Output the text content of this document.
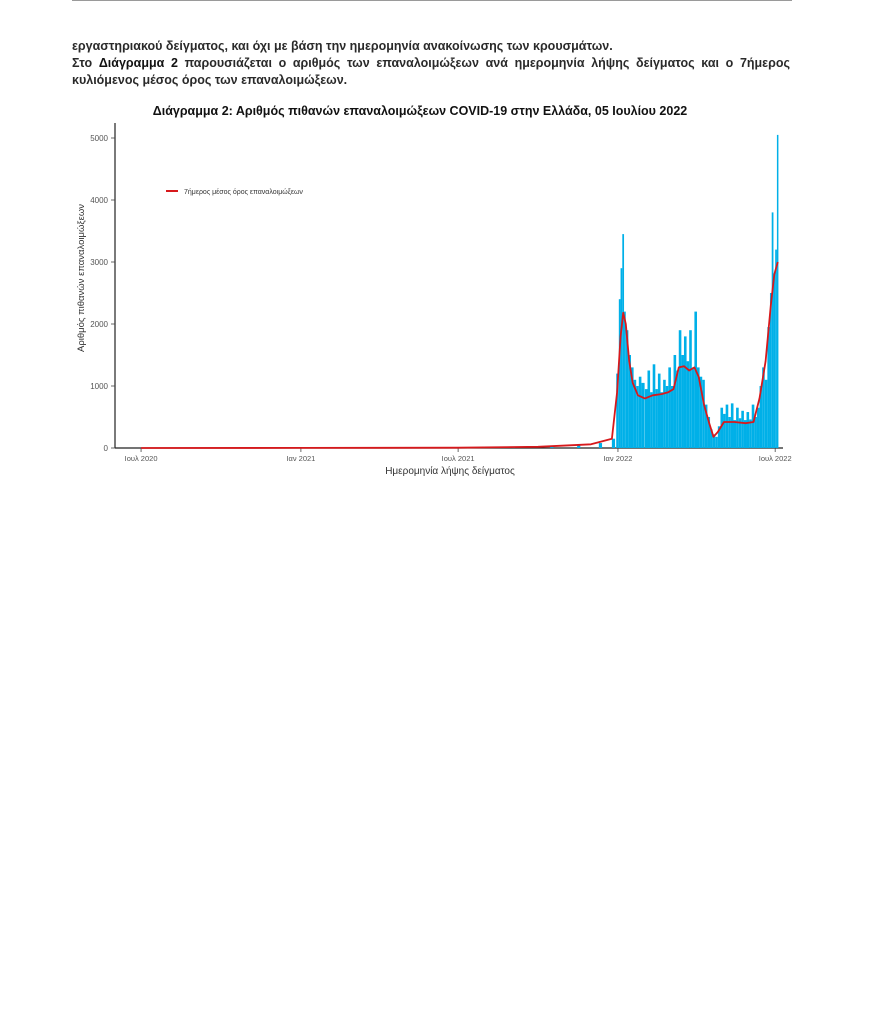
εργαστηριακού δείγματος, και όχι με βάση την ημερομηνία ανακοίνωσης των κρουσμάτων.

Στο Διάγραμμα 2 παρουσιάζεται ο αριθμός των επαναλοιμώξεων ανά ημερομηνία λήψης δείγματος και ο 7ήμερος κυλιόμενος μέσος όρος των επαναλοιμώξεων.

Διάγραμμα 2: Αριθμός πιθανών επαναλοιμώξεων COVID-19 στην Ελλάδα, 05 Ιουλίου 2022
0
1000
2000
3000
4000
5000
Ιουλ 2020	Ιαν 2021	Ιουλ 2021	Ιαν 2022	Ιουλ 2022
7ήμερος μέσος όρος επαναλοιμώξεων
Ημερομηνία λήψης δείγματος
Αριθμός πιθανών επαναλοιμώξεων
